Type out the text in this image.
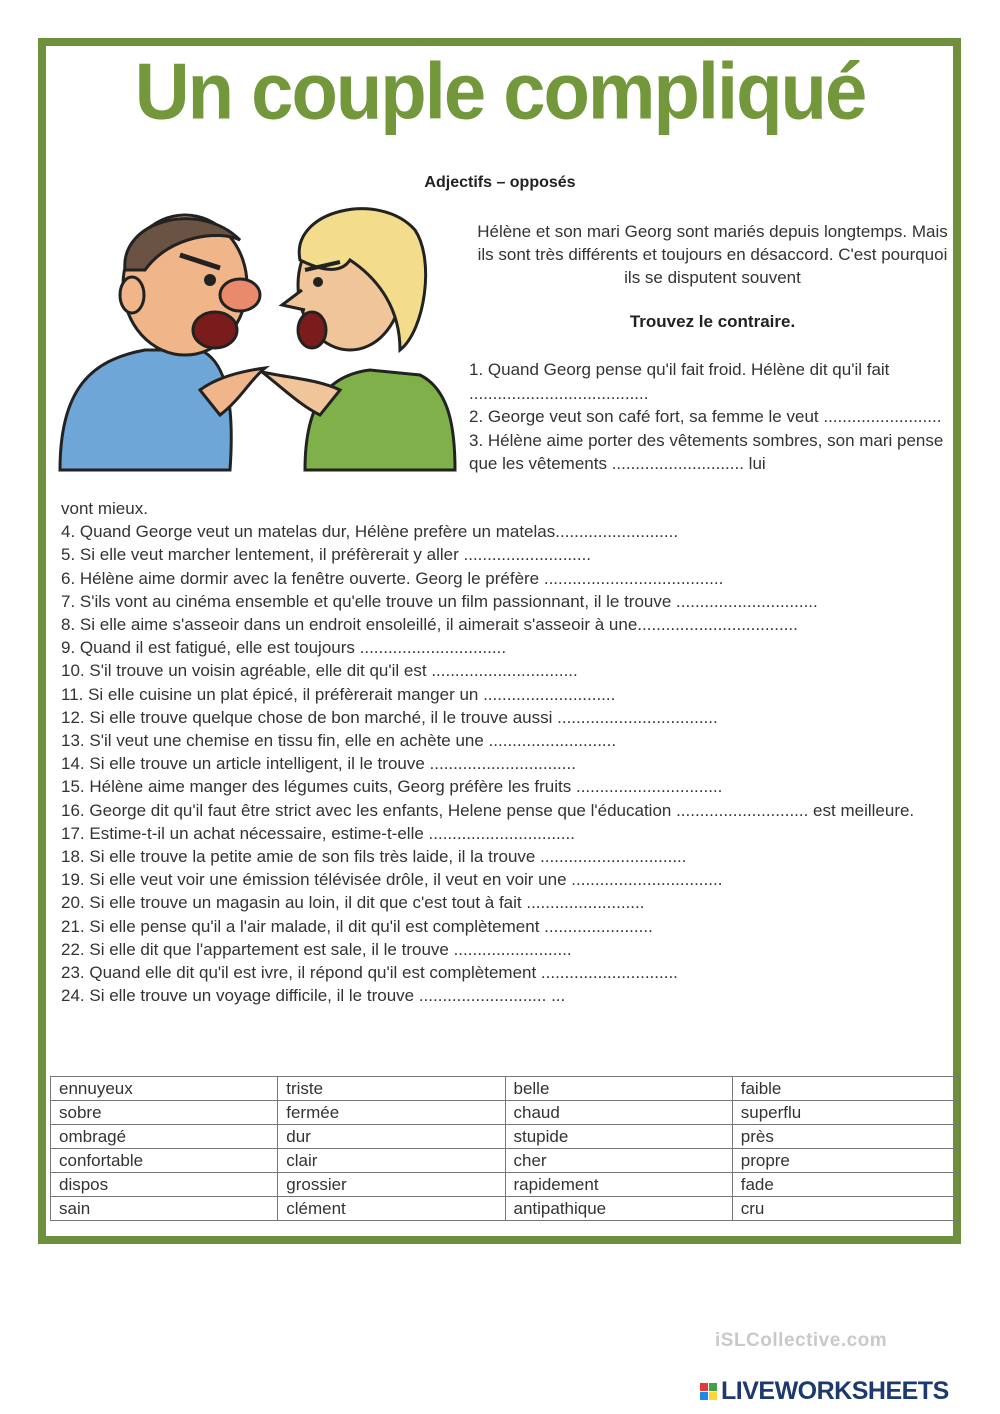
Un couple compliqué
Adjectifs – opposés
Hélène et son mari Georg sont mariés depuis longtemps. Mais ils sont très différents et toujours en désaccord. C'est pourquoi ils se disputent souvent
Trouvez le contraire.

1. Quand Georg pense qu'il fait froid. Hélène dit qu'il fait ......................................

2. George veut son café fort, sa femme le veut .........................

3. Hélène aime porter des vêtements sombres, son mari pense que les vêtements ............................ lui

vont mieux.

4. Quand George veut un matelas dur, Hélène prefère un matelas..........................

5. Si elle veut marcher lentement, il préfèrerait y aller ...........................

6. Hélène aime dormir avec la fenêtre ouverte. Georg le préfère ......................................

7. S'ils vont au cinéma ensemble et qu'elle trouve un film passionnant, il le trouve ..............................

8. Si elle aime s'asseoir dans un endroit ensoleillé, il aimerait s'asseoir à une..................................

9. Quand il est fatigué, elle est toujours ...............................

10. S'il trouve un voisin agréable, elle dit qu'il est ...............................

11. Si elle cuisine un plat épicé, il préfèrerait manger un ............................

12. Si elle trouve quelque chose de bon marché, il le trouve aussi ..................................

13. S'il veut une chemise en tissu fin, elle en achète une ...........................

14. Si elle trouve un article intelligent, il le trouve ...............................

15. Hélène aime manger des légumes cuits, Georg préfère les fruits ...............................

16. George dit qu'il faut être strict avec les enfants, Helene pense que l'éducation ............................ est meilleure.

17. Estime-t-il un achat nécessaire, estime-t-elle ...............................

18. Si elle trouve la petite amie de son fils très laide, il la trouve ...............................

19. Si elle veut voir une émission télévisée drôle, il veut en voir une ................................

20. Si elle trouve un magasin au loin, il dit que c'est tout à fait .........................

21. Si elle pense qu'il a l'air malade, il dit qu'il est complètement .......................

22. Si elle dit que l'appartement est sale, il le trouve .........................

23. Quand elle dit qu'il est ivre, il répond qu'il est complètement .............................

24. Si elle trouve un voyage difficile, il le trouve ........................... ...

ennuyeux	triste	belle	faible
sobre	fermée	chaud	superflu
ombragé	dur	stupide	près
confortable	clair	cher	propre
dispos	grossier	rapidement	fade
sain	clément	antipathique	cru
iSLCollective.com
LIVEWORKSHEETS
